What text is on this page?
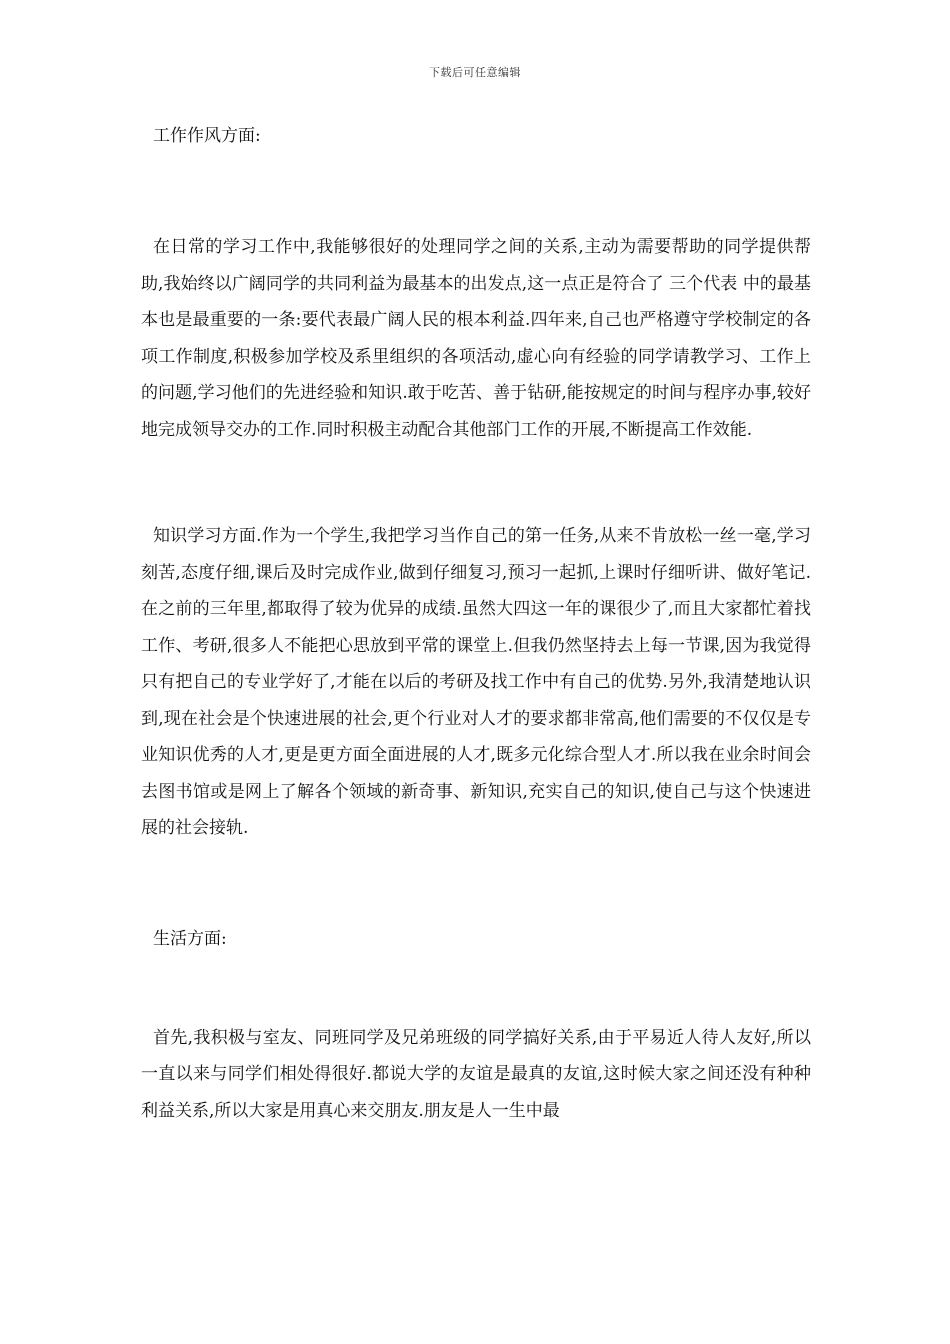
下载后可任意编辑

工作作风方面:

在日常的学习工作中,我能够很好的处理同学之间的关系,主动为需要帮助的同学提供帮助,我始终以广阔同学的共同利益为最基本的出发点,这一点正是符合了 三个代表 中的最基本也是最重要的一条:要代表最广阔人民的根本利益.四年来,自己也严格遵守学校制定的各项工作制度,积极参加学校及系里组织的各项活动,虚心向有经验的同学请教学习、工作上的问题,学习他们的先进经验和知识.敢于吃苦、善于钻研,能按规定的时间与程序办事,较好地完成领导交办的工作.同时积极主动配合其他部门工作的开展,不断提高工作效能.

知识学习方面.作为一个学生,我把学习当作自己的第一任务,从来不肯放松一丝一毫,学习刻苦,态度仔细,课后及时完成作业,做到仔细复习,预习一起抓,上课时仔细听讲、做好笔记.在之前的三年里,都取得了较为优异的成绩.虽然大四这一年的课很少了,而且大家都忙着找工作、考研,很多人不能把心思放到平常的课堂上.但我仍然坚持去上每一节课,因为我觉得只有把自己的专业学好了,才能在以后的考研及找工作中有自己的优势.另外,我清楚地认识到,现在社会是个快速进展的社会,更个行业对人才的要求都非常高,他们需要的不仅仅是专业知识优秀的人才,更是更方面全面进展的人才,既多元化综合型人才.所以我在业余时间会去图书馆或是网上了解各个领域的新奇事、新知识,充实自己的知识,使自己与这个快速进展的社会接轨.

生活方面:

首先,我积极与室友、同班同学及兄弟班级的同学搞好关系,由于平易近人待人友好,所以一直以来与同学们相处得很好.都说大学的友谊是最真的友谊,这时候大家之间还没有种种利益关系,所以大家是用真心来交朋友.朋友是人一生中最
